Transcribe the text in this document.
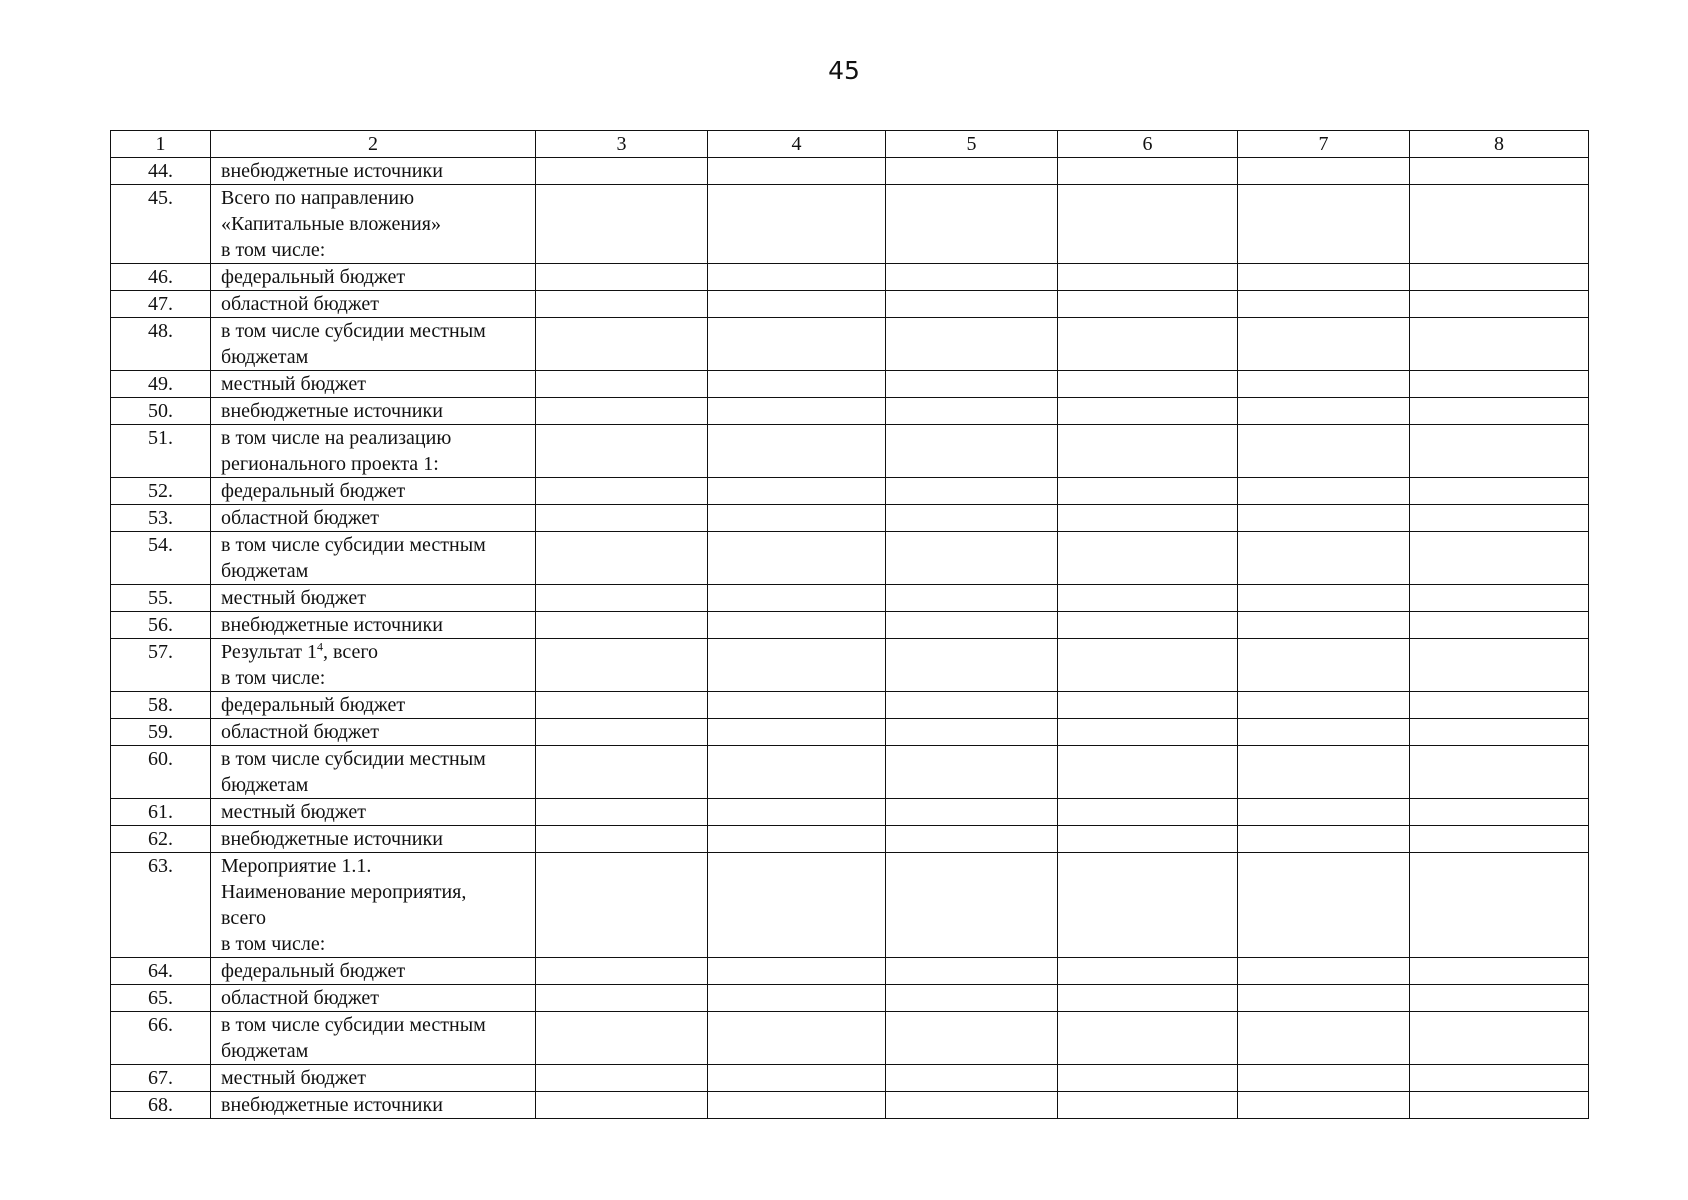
45
1	2	3	4	5	6	7	8
44.	внебюджетные источники						
45.	Всего по направлению
«Капитальные вложения»
в том числе:						
46.	федеральный бюджет						
47.	областной бюджет						
48.	в том числе субсидии местным
бюджетам						
49.	местный бюджет						
50.	внебюджетные источники						
51.	в том числе на реализацию
регионального проекта 1:						
52.	федеральный бюджет						
53.	областной бюджет						
54.	в том числе субсидии местным
бюджетам						
55.	местный бюджет						
56.	внебюджетные источники						
57.	Результат $1^4$, всего
в том числе:						
58.	федеральный бюджет						
59.	областной бюджет						
60.	в том числе субсидии местным
бюджетам						
61.	местный бюджет						
62.	внебюджетные источники						
63.	Мероприятие 1.1.
Наименование мероприятия,
всего
в том числе:						
64.	федеральный бюджет						
65.	областной бюджет						
66.	в том числе субсидии местным
бюджетам						
67.	местный бюджет						
68.	внебюджетные источники						
